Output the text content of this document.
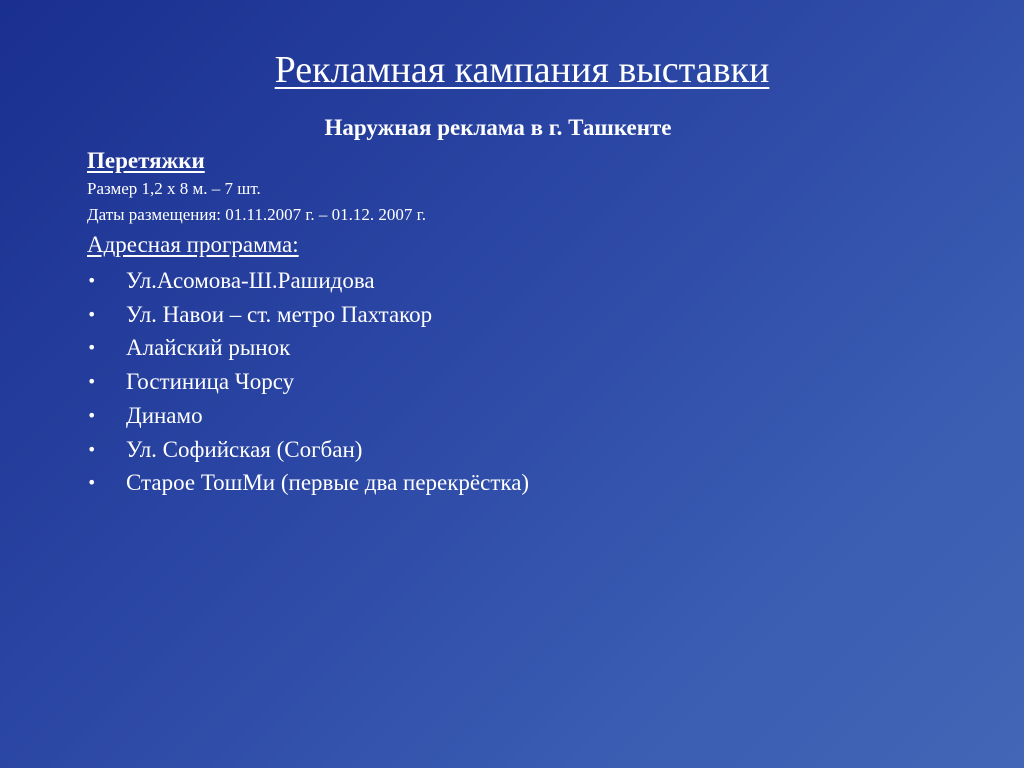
Рекламная кампания выставки
Наружная реклама в г. Ташкенте
Перетяжки
Размер 1,2 х 8 м. – 7 шт.
Даты размещения: 01.11.2007 г. – 01.12. 2007 г.
Адресная программа:
• Ул.Асомова-Ш.Рашидова
• Ул. Навои – ст. метро Пахтакор
• Алайский рынок
• Гостиница Чорсу
• Динамо
• Ул. Софийская (Согбан)
• Старое ТошМи (первые два перекрёстка)
